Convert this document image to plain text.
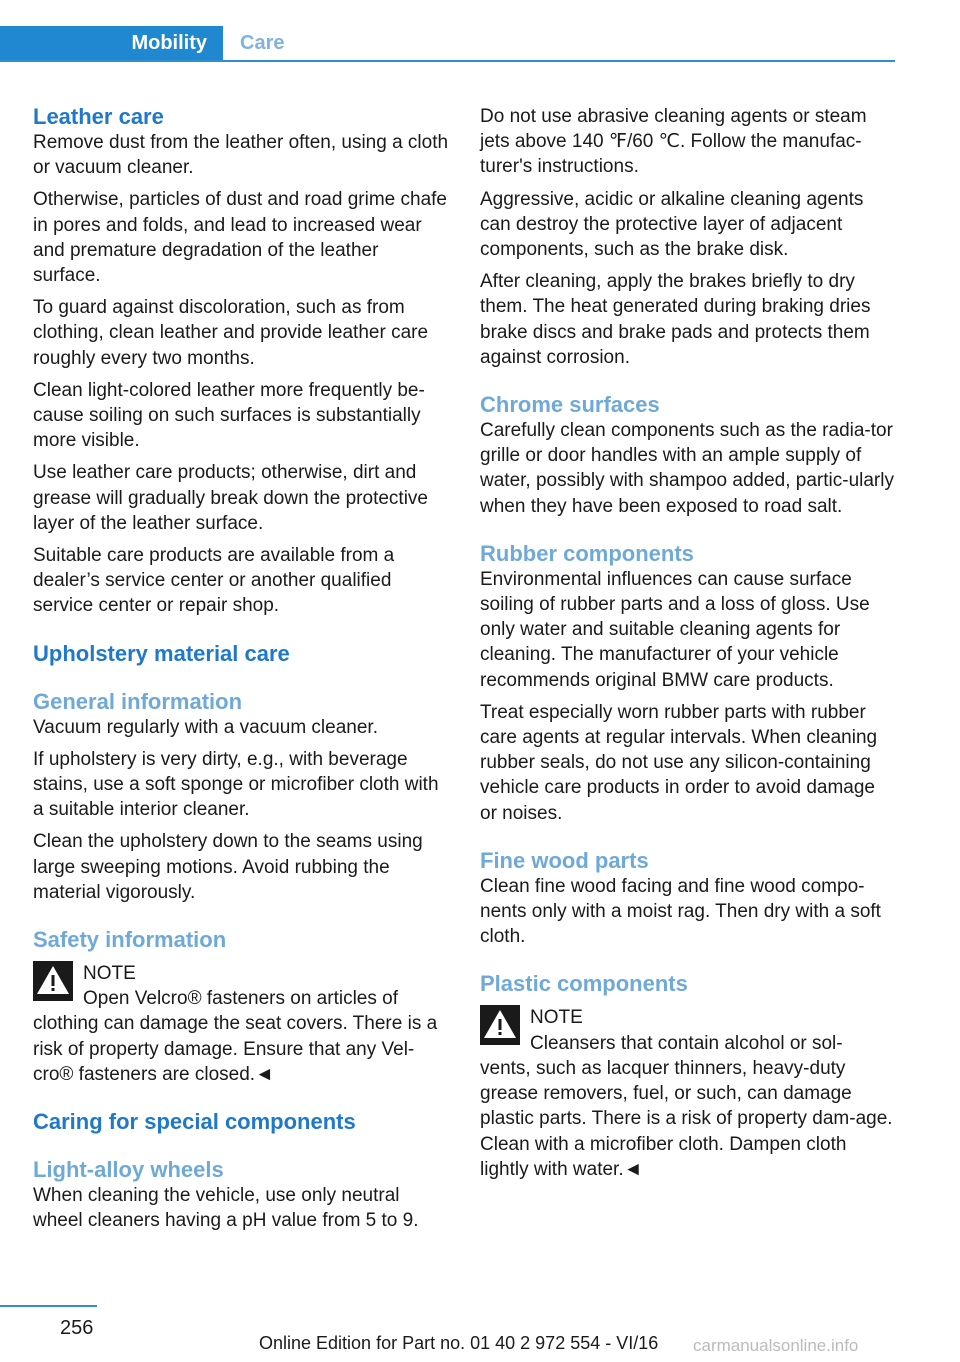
Mobility	Care
Leather care

Remove dust from the leather often, using a cloth or vacuum cleaner.

Otherwise, particles of dust and road grime chafe in pores and folds, and lead to increased wear and premature degradation of the leather surface.

To guard against discoloration, such as from clothing, clean leather and provide leather care roughly every two months.

Clean light-colored leather more frequently be‐cause soiling on such surfaces is substantially more visible.

Use leather care products; otherwise, dirt and grease will gradually break down the protective layer of the leather surface.

Suitable care products are available from a dealer’s service center or another qualified service center or repair shop.

Upholstery material care
General information

Vacuum regularly with a vacuum cleaner.

If upholstery is very dirty, e.g., with beverage stains, use a soft sponge or microfiber cloth with a suitable interior cleaner.

Clean the upholstery down to the seams using large sweeping motions. Avoid rubbing the material vigorously.

Safety information
NOTE
Open Velcro® fasteners on articles of

clothing can damage the seat covers. There is a risk of property damage. Ensure that any Vel‐cro® fasteners are closed.◄

Caring for special components
Light-alloy wheels

When cleaning the vehicle, use only neutral wheel cleaners having a pH value from 5 to 9.

Do not use abrasive cleaning agents or steam jets above 140 ℉/60 ℃. Follow the manufac‐turer's instructions.

Aggressive, acidic or alkaline cleaning agents can destroy the protective layer of adjacent components, such as the brake disk.

After cleaning, apply the brakes briefly to dry them. The heat generated during braking dries brake discs and brake pads and protects them against corrosion.

Chrome surfaces

Carefully clean components such as the radia‐tor grille or door handles with an ample supply of water, possibly with shampoo added, partic‐ularly when they have been exposed to road salt.

Rubber components

Environmental influences can cause surface soiling of rubber parts and a loss of gloss. Use only water and suitable cleaning agents for cleaning. The manufacturer of your vehicle recommends original BMW care products.

Treat especially worn rubber parts with rubber care agents at regular intervals. When cleaning rubber seals, do not use any silicon-containing vehicle care products in order to avoid damage or noises.

Fine wood parts

Clean fine wood facing and fine wood compo‐nents only with a moist rag. Then dry with a soft cloth.

Plastic components
NOTE
Cleansers that contain alcohol or sol‐

vents, such as lacquer thinners, heavy-duty grease removers, fuel, or such, can damage plastic parts. There is a risk of property dam‐age. Clean with a microfiber cloth. Dampen cloth lightly with water.◄

256
Online Edition for Part no. 01 40 2 972 554 - VI/16 carmanualsonline.info
